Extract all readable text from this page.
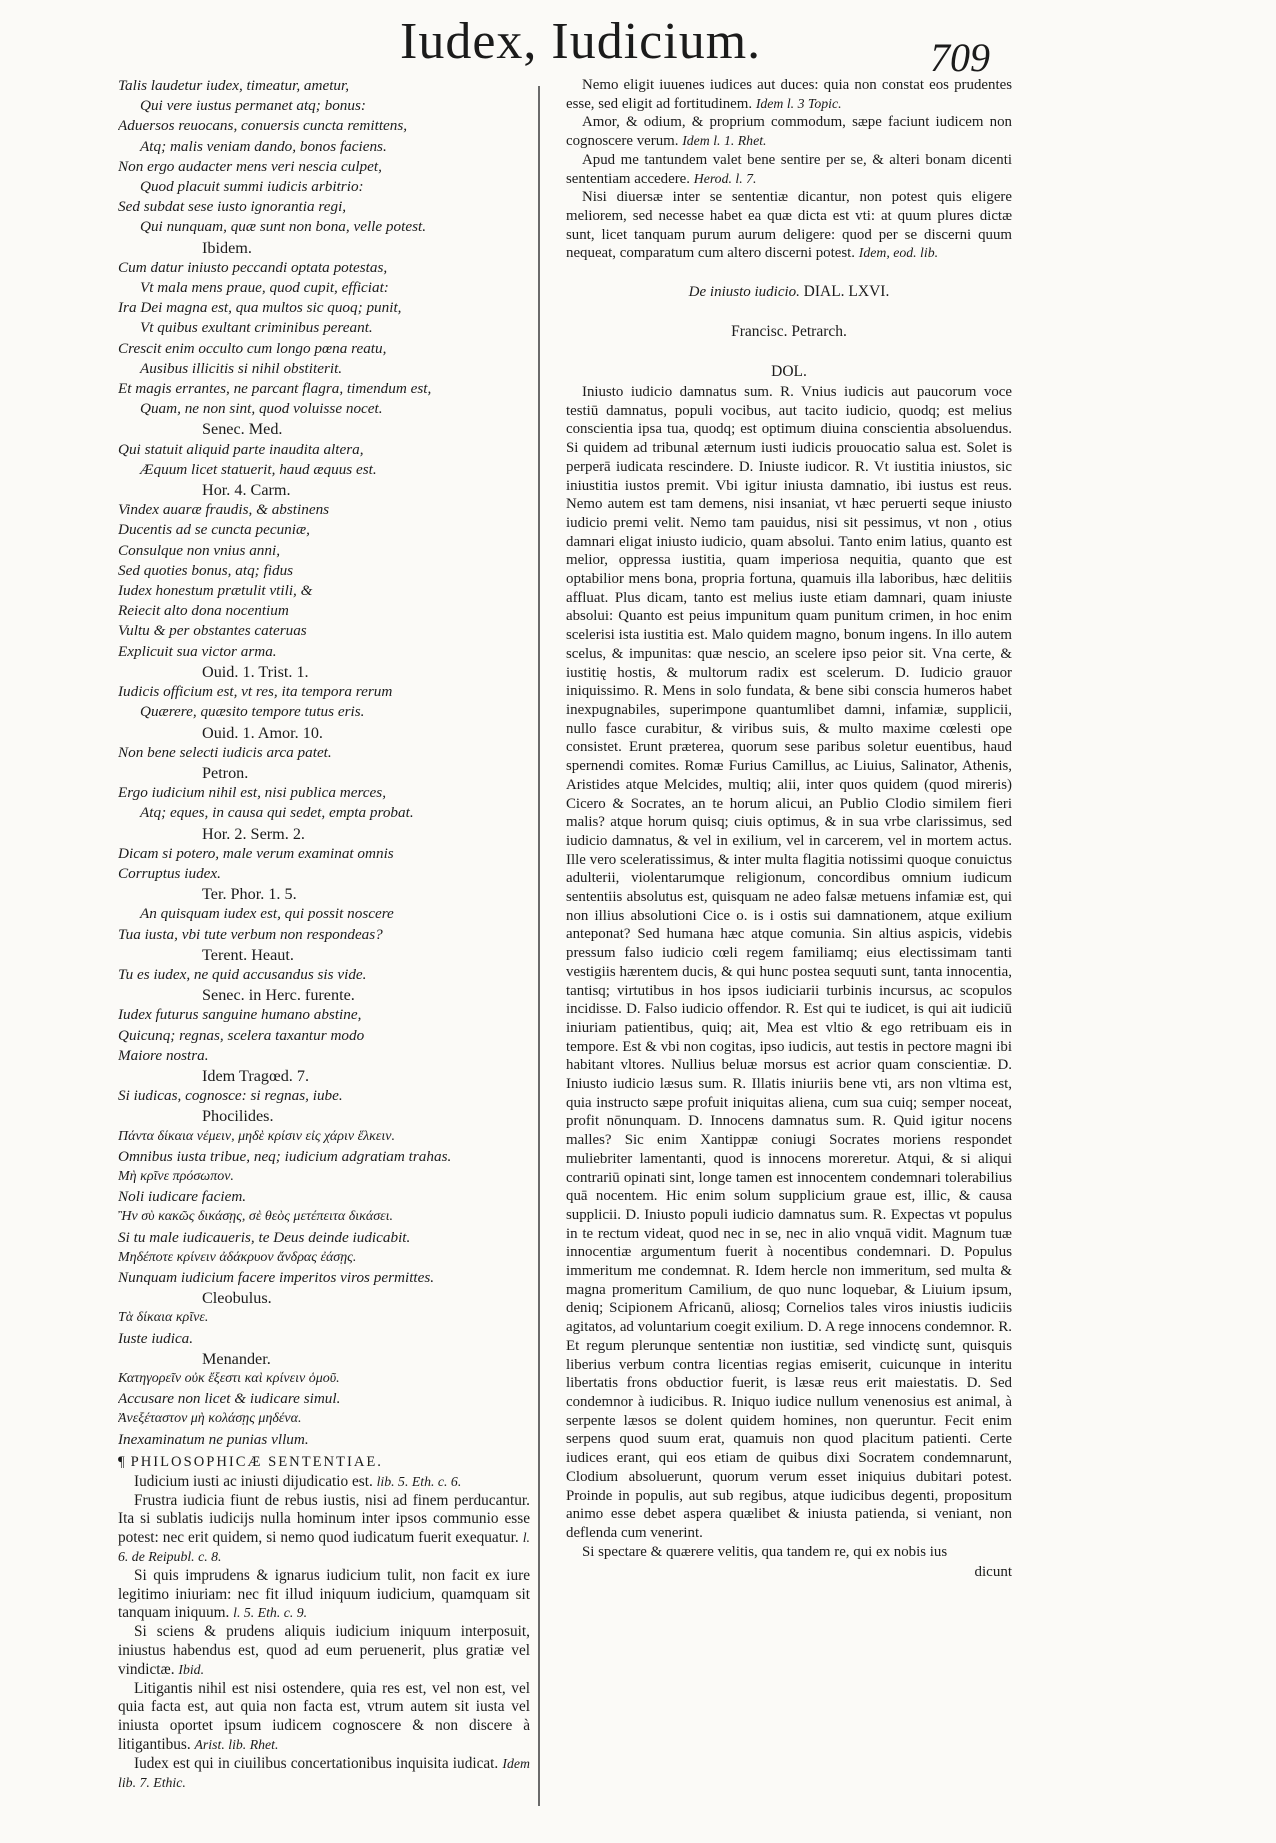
Iudex, Iudicium.	709
Talis laudetur iudex, timeatur, ametur,
Qui vere iustus permanet atq; bonus:
Aduersos reuocans, conuersis cuncta remittens,
Atq; malis veniam dando, bonos faciens.
Non ergo audacter mens veri nescia culpet,
Quod placuit summi iudicis arbitrio:
Sed subdat sese iusto ignorantia regi,
Qui nunquam, quæ sunt non bona, velle potest.
Ibidem.
Cum datur iniusto peccandi optata potestas,
Vt mala mens praue, quod cupit, efficiat:
Ira Dei magna est, qua multos sic quoq; punit,
Vt quibus exultant criminibus pereant.
Crescit enim occulto cum longo pœna reatu,
Ausibus illicitis si nihil obstiterit.
Et magis errantes, ne parcant flagra, timendum est,
Quam, ne non sint, quod voluisse nocet.
Senec. Med.
Qui statuit aliquid parte inaudita altera,
Æquum licet statuerit, haud æquus est.
Hor. 4. Carm.
Vindex auaræ fraudis, & abstinens
Ducentis ad se cuncta pecuniæ,
Consulque non vnius anni,
Sed quoties bonus, atq; fidus
Iudex honestum prætulit vtili, &
Reiecit alto dona nocentium
Vultu & per obstantes cateruas
Explicuit sua victor arma.
Ouid. 1. Trist. 1.
Iudicis officium est, vt res, ita tempora rerum
Quærere, quæsito tempore tutus eris.
Ouid. 1. Amor. 10.
Non bene selecti iudicis arca patet.
Petron.
Ergo iudicium nihil est, nisi publica merces,
Atq; eques, in causa qui sedet, empta probat.
Hor. 2. Serm. 2.
Dicam si potero, male verum examinat omnis
Corruptus iudex.
Ter. Phor. 1. 5.
An quisquam iudex est, qui possit noscere
Tua iusta, vbi tute verbum non respondeas?
Terent. Heaut.
Tu es iudex, ne quid accusandus sis vide.
Senec. in Herc. furente.
Iudex futurus sanguine humano abstine,
Quicunq; regnas, scelera taxantur modo
Maiore nostra.
Idem Tragœd. 7.
Si iudicas, cognosce: si regnas, iube.
Phocilides.
Πάντα δίκαια νέμειν, μηδὲ κρίσιν εἰς χάριν ἕλκειν.
Omnibus iusta tribue, neq; iudicium adgratiam trahas.
Μὴ κρῖνε πρόσωπον.
Noli iudicare faciem.
Ἢν σὺ κακῶς δικάσῃς, σὲ θεὸς μετέπειτα δικάσει.
Si tu male iudicaueris, te Deus deinde iudicabit.
Μηδέποτε κρίνειν ἀδάκρυον ἄνδρας ἐάσῃς.
Nunquam iudicium facere imperitos viros permittes.
Cleobulus.
Τὰ δίκαια κρῖνε.
Iuste iudica.
Menander.
Κατηγορεῖν οὐκ ἔξεστι καὶ κρίνειν ὁμοῦ.
Accusare non licet & iudicare simul.
Ἀνεξέταστον μὴ κολάσῃς μηδένα.
Inexaminatum ne punias vllum.
¶ PHILOSOPHICÆ SENTENTIAE.

Iudicium iusti ac iniusti dijudicatio est. lib. 5. Eth. c. 6.

Frustra iudicia fiunt de rebus iustis, nisi ad finem perducantur. Ita si sublatis iudicijs nulla hominum inter ipsos communio esse potest: nec erit quidem, si nemo quod iudicatum fuerit exequatur. l. 6. de Reipubl. c. 8.

Si quis imprudens & ignarus iudicium tulit, non facit ex iure legitimo iniuriam: nec fit illud iniquum iudicium, quamquam sit tanquam iniquum. l. 5. Eth. c. 9.

Si sciens & prudens aliquis iudicium iniquum interposuit, iniustus habendus est, quod ad eum peruenerit, plus gratiæ vel vindictæ. Ibid.

Litigantis nihil est nisi ostendere, quia res est, vel non est, vel quia facta est, aut quia non facta est, vtrum autem sit iusta vel iniusta oportet ipsum iudicem cognoscere & non discere à litigantibus. Arist. lib. Rhet.

Iudex est qui in ciuilibus concertationibus inquisita iudicat. Idem lib. 7. Ethic.

Nemo eligit iuuenes iudices aut duces: quia non constat eos prudentes esse, sed eligit ad fortitudinem. Idem l. 3 Topic.

Amor, & odium, & proprium commodum, sæpe faciunt iudicem non cognoscere verum. Idem l. 1. Rhet.

Apud me tantundem valet bene sentire per se, & alteri bonam dicenti sententiam accedere. Herod. l. 7.

Nisi diuersæ inter se sententiæ dicantur, non potest quis eligere meliorem, sed necesse habet ea quæ dicta est vti: at quum plures dictæ sunt, licet tanquam purum aurum deligere: quod per se discerni quum nequeat, comparatum cum altero discerni potest. Idem, eod. lib.

De iniusto iudicio. DIAL. LXVI.
Francisc. Petrarch.
DOL.

Iniusto iudicio damnatus sum. R. Vnius iudicis aut paucorum voce testiū damnatus, populi vocibus, aut tacito iudicio, quodq; est melius conscientia ipsa tua, quodq; est optimum diuina conscientia absoluendus. Si quidem ad tribunal æternum iusti iudicis prouocatio salua est. Solet is perperā iudicata rescindere. D. Iniuste iudicor. R. Vt iustitia iniustos, sic iniustitia iustos premit. Vbi igitur iniusta damnatio, ibi iustus est reus. Nemo autem est tam demens, nisi insaniat, vt hæc peruerti seque iniusto iudicio premi velit. Nemo tam pauidus, nisi sit pessimus, vt non , otius damnari eligat iniusto iudicio, quam absolui. Tanto enim latius, quanto est melior, oppressa iustitia, quam imperiosa nequitia, quanto que est optabilior mens bona, propria fortuna, quamuis illa laboribus, hæc delitiis affluat. Plus dicam, tanto est melius iuste etiam damnari, quam iniuste absolui: Quanto est peius impunitum quam punitum crimen, in hoc enim scelerisi ista iustitia est. Malo quidem magno, bonum ingens. In illo autem scelus, & impunitas: quæ nescio, an scelere ipso peior sit. Vna certe, & iustitię hostis, & multorum radix est scelerum. D. Iudicio grauor iniquissimo. R. Mens in solo fundata, & bene sibi conscia humeros habet inexpugnabiles, superimpone quantumlibet damni, infamiæ, supplicii, nullo fasce curabitur, & viribus suis, & multo maxime cœlesti ope consistet. Erunt præterea, quorum sese paribus soletur euentibus, haud spernendi comites. Romæ Furius Camillus, ac Liuius, Salinator, Athenis, Aristides atque Melcides, multiq; alii, inter quos quidem (quod mireris) Cicero & Socrates, an te horum alicui, an Publio Clodio similem fieri malis? atque horum quisq; ciuis optimus, & in sua vrbe clarissimus, sed iudicio damnatus, & vel in exilium, vel in carcerem, vel in mortem actus. Ille vero sceleratissimus, & inter multa flagitia notissimi quoque conuictus adulterii, violentarumque religionum, concordibus omnium iudicum sententiis absolutus est, quisquam ne adeo falsæ metuens infamiæ est, qui non illius absolutioni Cice o. is i ostis sui damnationem, atque exilium anteponat? Sed humana hæc atque comunia. Sin altius aspicis, videbis pressum falso iudicio cœli regem familiamq; eius electissimam tanti vestigiis hærentem ducis, & qui hunc postea sequuti sunt, tanta innocentia, tantisq; virtutibus in hos ipsos iudiciarii turbinis incursus, ac scopulos incidisse. D. Falso iudicio offendor. R. Est qui te iudicet, is qui ait iudiciū iniuriam patientibus, quiq; ait, Mea est vltio & ego retribuam eis in tempore. Est & vbi non cogitas, ipso iudicis, aut testis in pectore magni ibi habitant vltores. Nullius beluæ morsus est acrior quam conscientiæ. D. Iniusto iudicio læsus sum. R. Illatis iniuriis bene vti, ars non vltima est, quia instructo sæpe profuit iniquitas aliena, cum sua cuiq; semper noceat, profit nōnunquam. D. Innocens damnatus sum. R. Quid igitur nocens malles? Sic enim Xantippæ coniugi Socrates moriens respondet muliebriter lamentanti, quod is innocens moreretur. Atqui, & si aliqui contrariū opinati sint, longe tamen est innocentem condemnari tolerabilius quā nocentem. Hic enim solum supplicium graue est, illic, & causa supplicii. D. Iniusto populi iudicio damnatus sum. R. Expectas vt populus in te rectum videat, quod nec in se, nec in alio vnquā vidit. Magnum tuæ innocentiæ argumentum fuerit à nocentibus condemnari. D. Populus immeritum me condemnat. R. Idem hercle non immeritum, sed multa & magna promeritum Camilium, de quo nunc loquebar, & Liuium ipsum, deniq; Scipionem Africanū, aliosq; Cornelios tales viros iniustis iudiciis agitatos, ad voluntarium coegit exilium. D. A rege innocens condemnor. R. Et regum plerunque sententiæ non iustitiæ, sed vindictę sunt, quisquis liberius verbum contra licentias regias emiserit, cuicunque in interitu libertatis frons obductior fuerit, is læsæ reus erit maiestatis. D. Sed condemnor à iudicibus. R. Iniquo iudice nullum venenosius est animal, à serpente læsos se dolent quidem homines, non queruntur. Fecit enim serpens quod suum erat, quamuis non quod placitum patienti. Certe iudices erant, qui eos etiam de quibus dixi Socratem condemnarunt, Clodium absoluerunt, quorum verum esset iniquius dubitari potest. Proinde in populis, aut sub regibus, atque iudicibus degenti, propositum animo esse debet aspera quælibet & iniusta patienda, si veniant, non deflenda cum venerint.

Si spectare & quærere velitis, qua tandem re, qui ex nobis ius

dicunt
